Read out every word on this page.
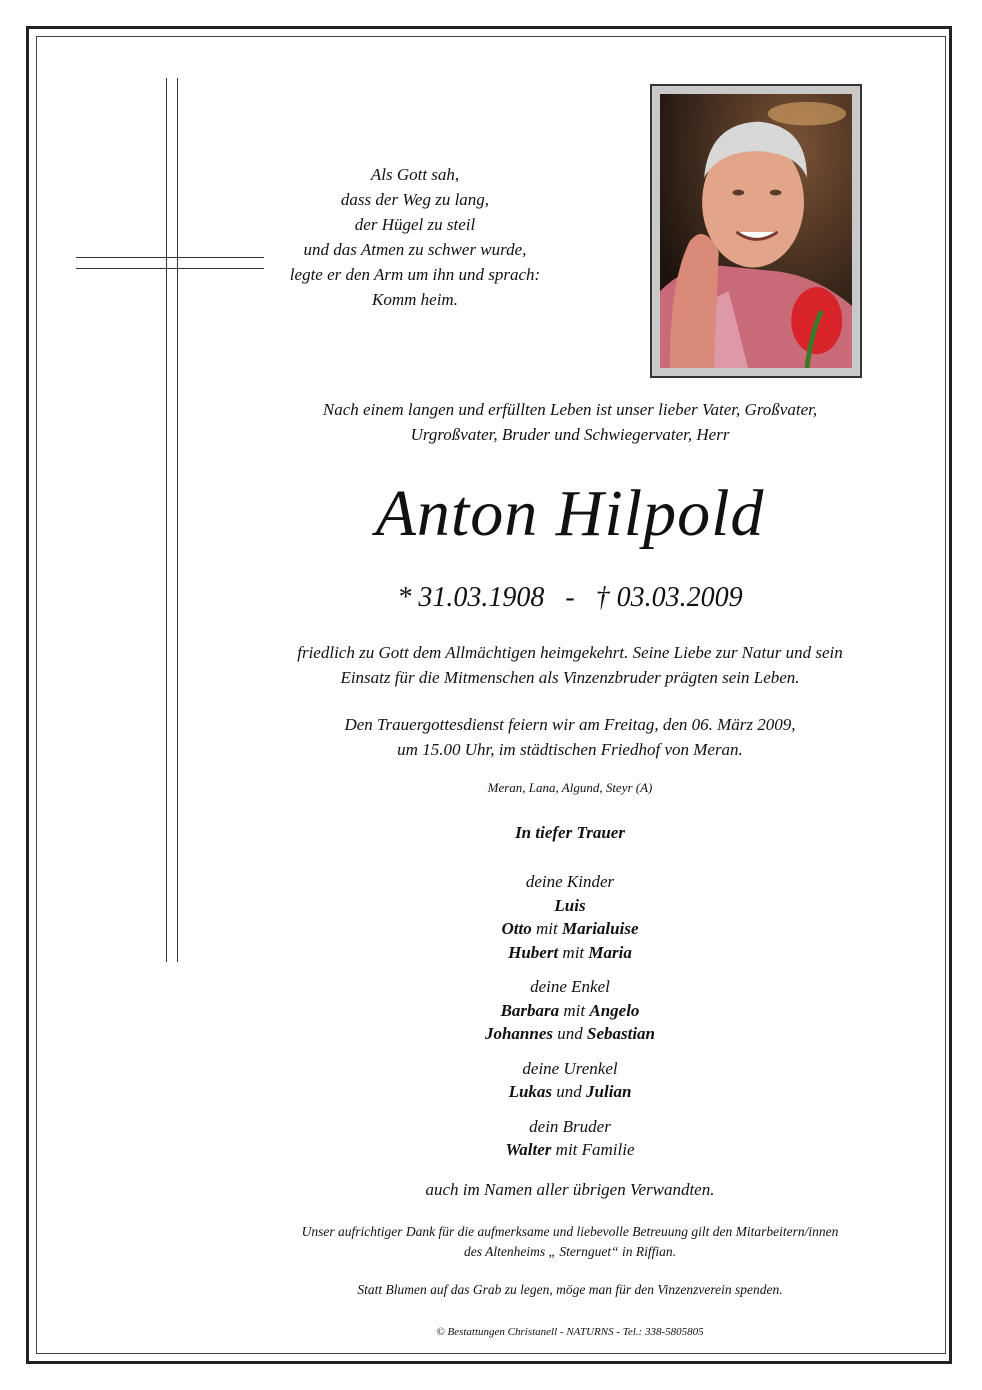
Als Gott sah,
dass der Weg zu lang,
der Hügel zu steil
und das Atmen zu schwer wurde,
legte er den Arm um ihn und sprach:
Komm heim.
Nach einem langen und erfüllten Leben ist unser lieber Vater, Großvater,
Urgroßvater, Bruder und Schwiegervater, Herr
Anton Hilpold
* 31.03.1908   -   † 03.03.2009
friedlich zu Gott dem Allmächtigen heimgekehrt. Seine Liebe zur Natur und sein
Einsatz für die Mitmenschen als Vinzenzbruder prägten sein Leben.
Den Trauergottesdienst feiern wir am Freitag, den 06. März 2009,
um 15.00 Uhr, im städtischen Friedhof von Meran.
Meran, Lana, Algund, Steyr (A)
In tiefer Trauer
deine Kinder
Luis
Otto mit Marialuise
Hubert mit Maria
deine Enkel
Barbara mit Angelo
Johannes und Sebastian
deine Urenkel
Lukas und Julian
dein Bruder
Walter mit Familie
auch im Namen aller übrigen Verwandten.
Unser aufrichtiger Dank für die aufmerksame und liebevolle Betreuung gilt den Mitarbeitern/innen
des Altenheims „ Sternguet“ in Riffian.
Statt Blumen auf das Grab zu legen, möge man für den Vinzenzverein spenden.
© Bestattungen Christanell - NATURNS - Tel.: 338-5805805
